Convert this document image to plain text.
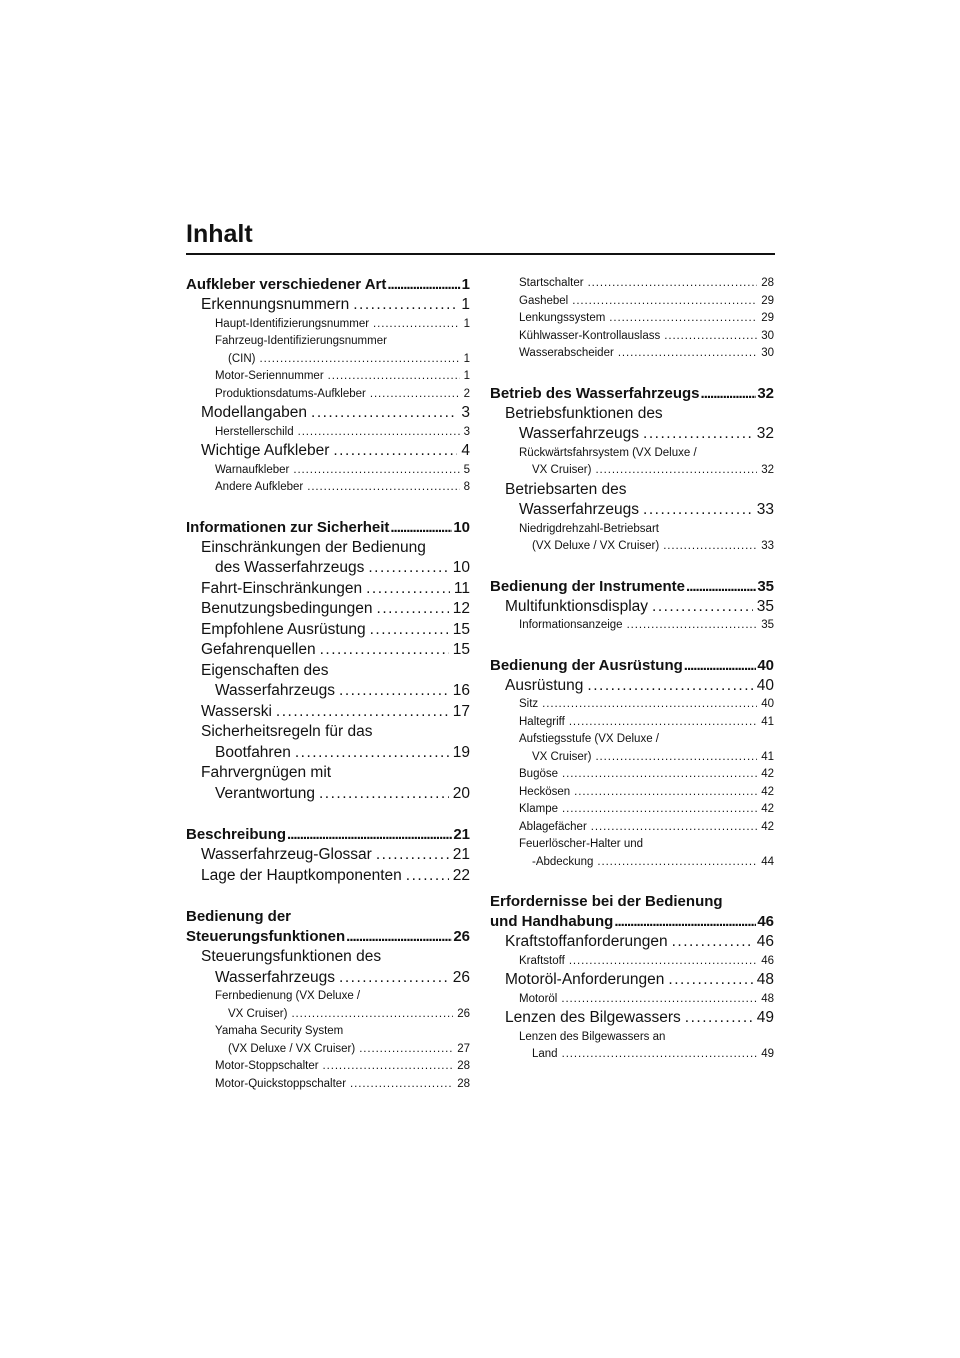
Inhalt
Aufkleber verschiedener Art .....	1
Erkennungsnummern .....	1
Haupt-Identifizierungsnummer .....	1
Fahrzeug-Identifizierungsnummer
(CIN) .....	1
Motor-Seriennummer .....	1
Produktionsdatums-Aufkleber .....	2
Modellangaben .....	3
Herstellerschild .....	3
Wichtige Aufkleber .....	4
Warnaufkleber .....	5
Andere Aufkleber .....	8
Informationen zur Sicherheit .....	10
Einschränkungen der Bedienung
des Wasserfahrzeugs .....	10
Fahrt-Einschränkungen .....	11
Benutzungsbedingungen .....	12
Empfohlene Ausrüstung .....	15
Gefahrenquellen .....	15
Eigenschaften des
Wasserfahrzeugs .....	16
Wasserski .....	17
Sicherheitsregeln für das
Bootfahren .....	19
Fahrvergnügen mit
Verantwortung .....	20
Beschreibung .....	21
Wasserfahrzeug-Glossar .....	21
Lage der Hauptkomponenten .....	22
Bedienung der
Steuerungsfunktionen .....	26
Steuerungsfunktionen des
Wasserfahrzeugs .....	26
Fernbedienung (VX Deluxe /
VX Cruiser) .....	26
Yamaha Security System
(VX Deluxe / VX Cruiser) .....	27
Motor-Stoppschalter .....	28
Motor-Quickstoppschalter .....	28
Startschalter .....	28
Gashebel .....	29
Lenkungssystem .....	29
Kühlwasser-Kontrollauslass .....	30
Wasserabscheider .....	30
Betrieb des Wasserfahrzeugs .....	32
Betriebsfunktionen des
Wasserfahrzeugs .....	32
Rückwärtsfahrsystem (VX Deluxe /
VX Cruiser) .....	32
Betriebsarten des
Wasserfahrzeugs .....	33
Niedrigdrehzahl-Betriebsart
(VX Deluxe / VX Cruiser) .....	33
Bedienung der Instrumente .....	35
Multifunktionsdisplay .....	35
Informationsanzeige .....	35
Bedienung der Ausrüstung .....	40
Ausrüstung .....	40
Sitz .....	40
Haltegriff .....	41
Aufstiegsstufe (VX Deluxe /
VX Cruiser) .....	41
Bugöse .....	42
Heckösen .....	42
Klampe .....	42
Ablagefächer .....	42
Feuerlöscher-Halter und
-Abdeckung .....	44
Erfordernisse bei der Bedienung
und Handhabung .....	46
Kraftstoffanforderungen .....	46
Kraftstoff .....	46
Motoröl-Anforderungen .....	48
Motoröl .....	48
Lenzen des Bilgewassers .....	49
Lenzen des Bilgewassers an
Land .....	49
